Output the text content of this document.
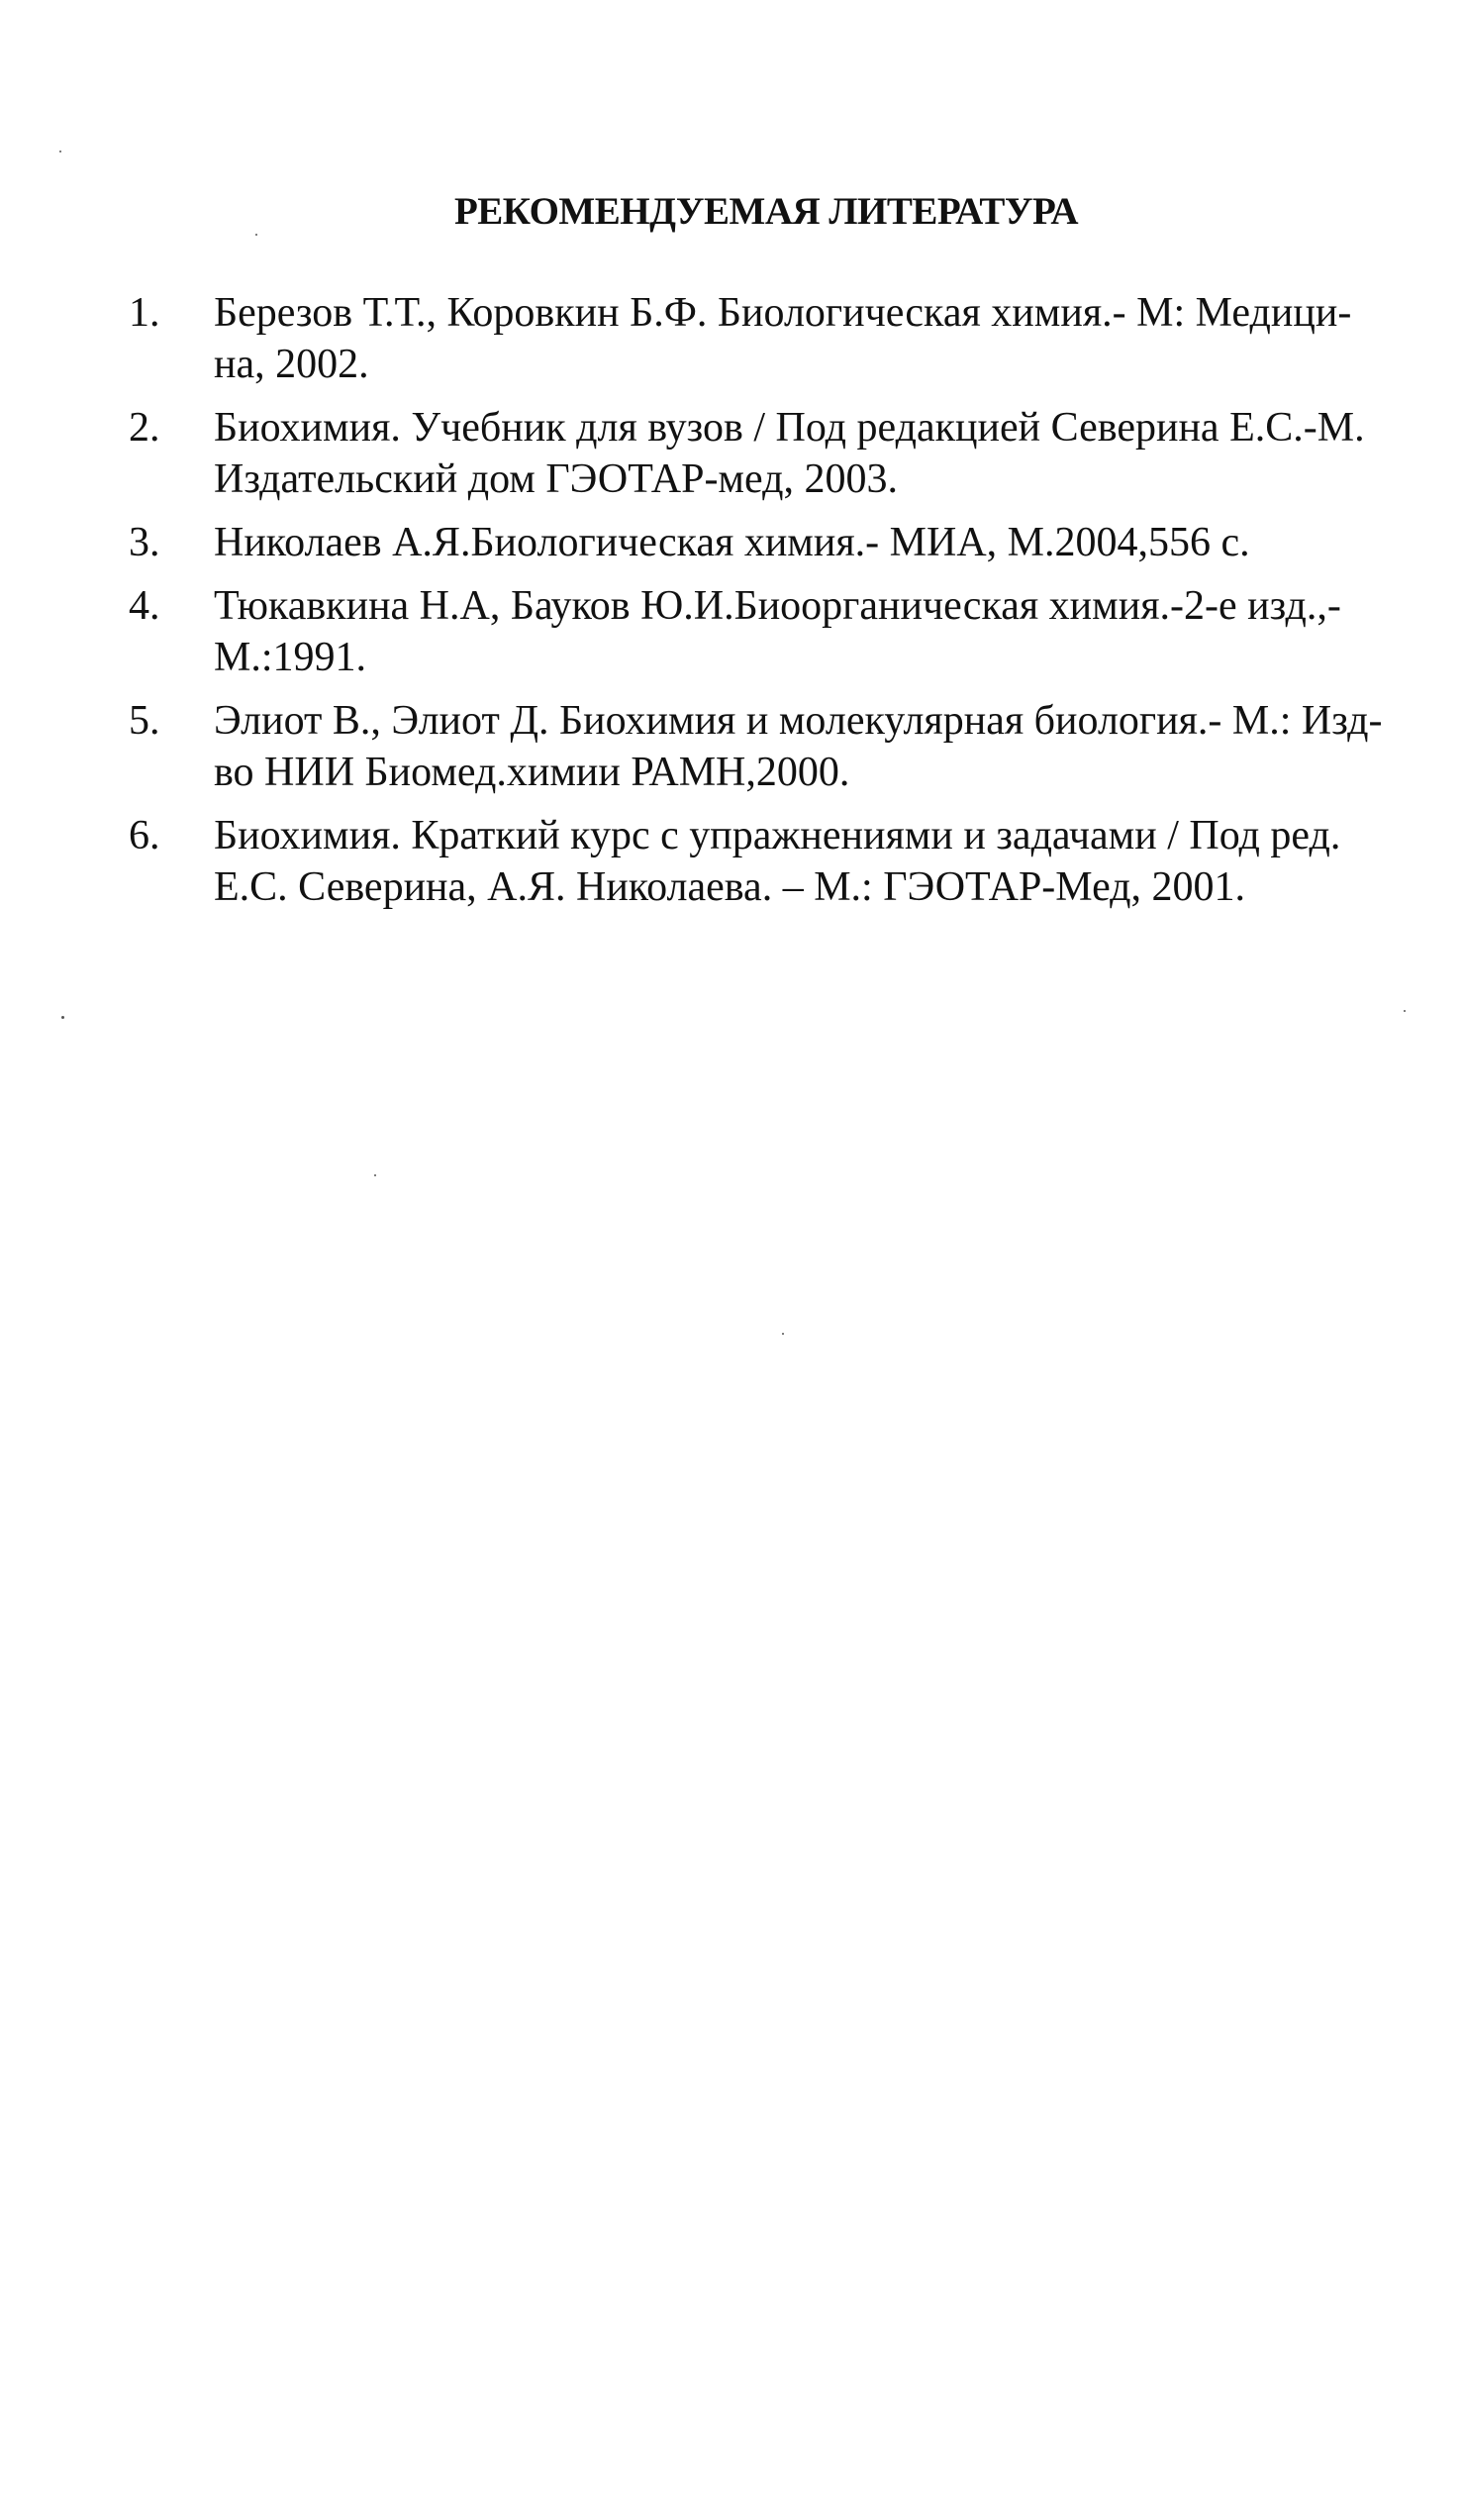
РЕКОМЕНДУЕМАЯ ЛИТЕРАТУРА
1. Березов Т.Т., Коровкин Б.Ф. Биологическая химия.- М: Медици-
на, 2002.
2. Биохимия. Учебник для вузов / Под редакцией Северина Е.С.-М.
Издательский дом ГЭОТАР-мед, 2003.
3. Николаев А.Я.Биологическая химия.- МИА, М.2004,556 с.
4. Тюкавкина Н.А, Бауков Ю.И.Биоорганическая химия.-2-е изд.,-
М.:1991.
5. Элиот В., Элиот Д. Биохимия и молекулярная биология.- М.: Изд-
во НИИ Биомед.химии РАМН,2000.
6. Биохимия. Краткий курс с упражнениями и задачами / Под ред.
Е.С. Северина, А.Я. Николаева. – М.: ГЭОТАР-Мед, 2001.
